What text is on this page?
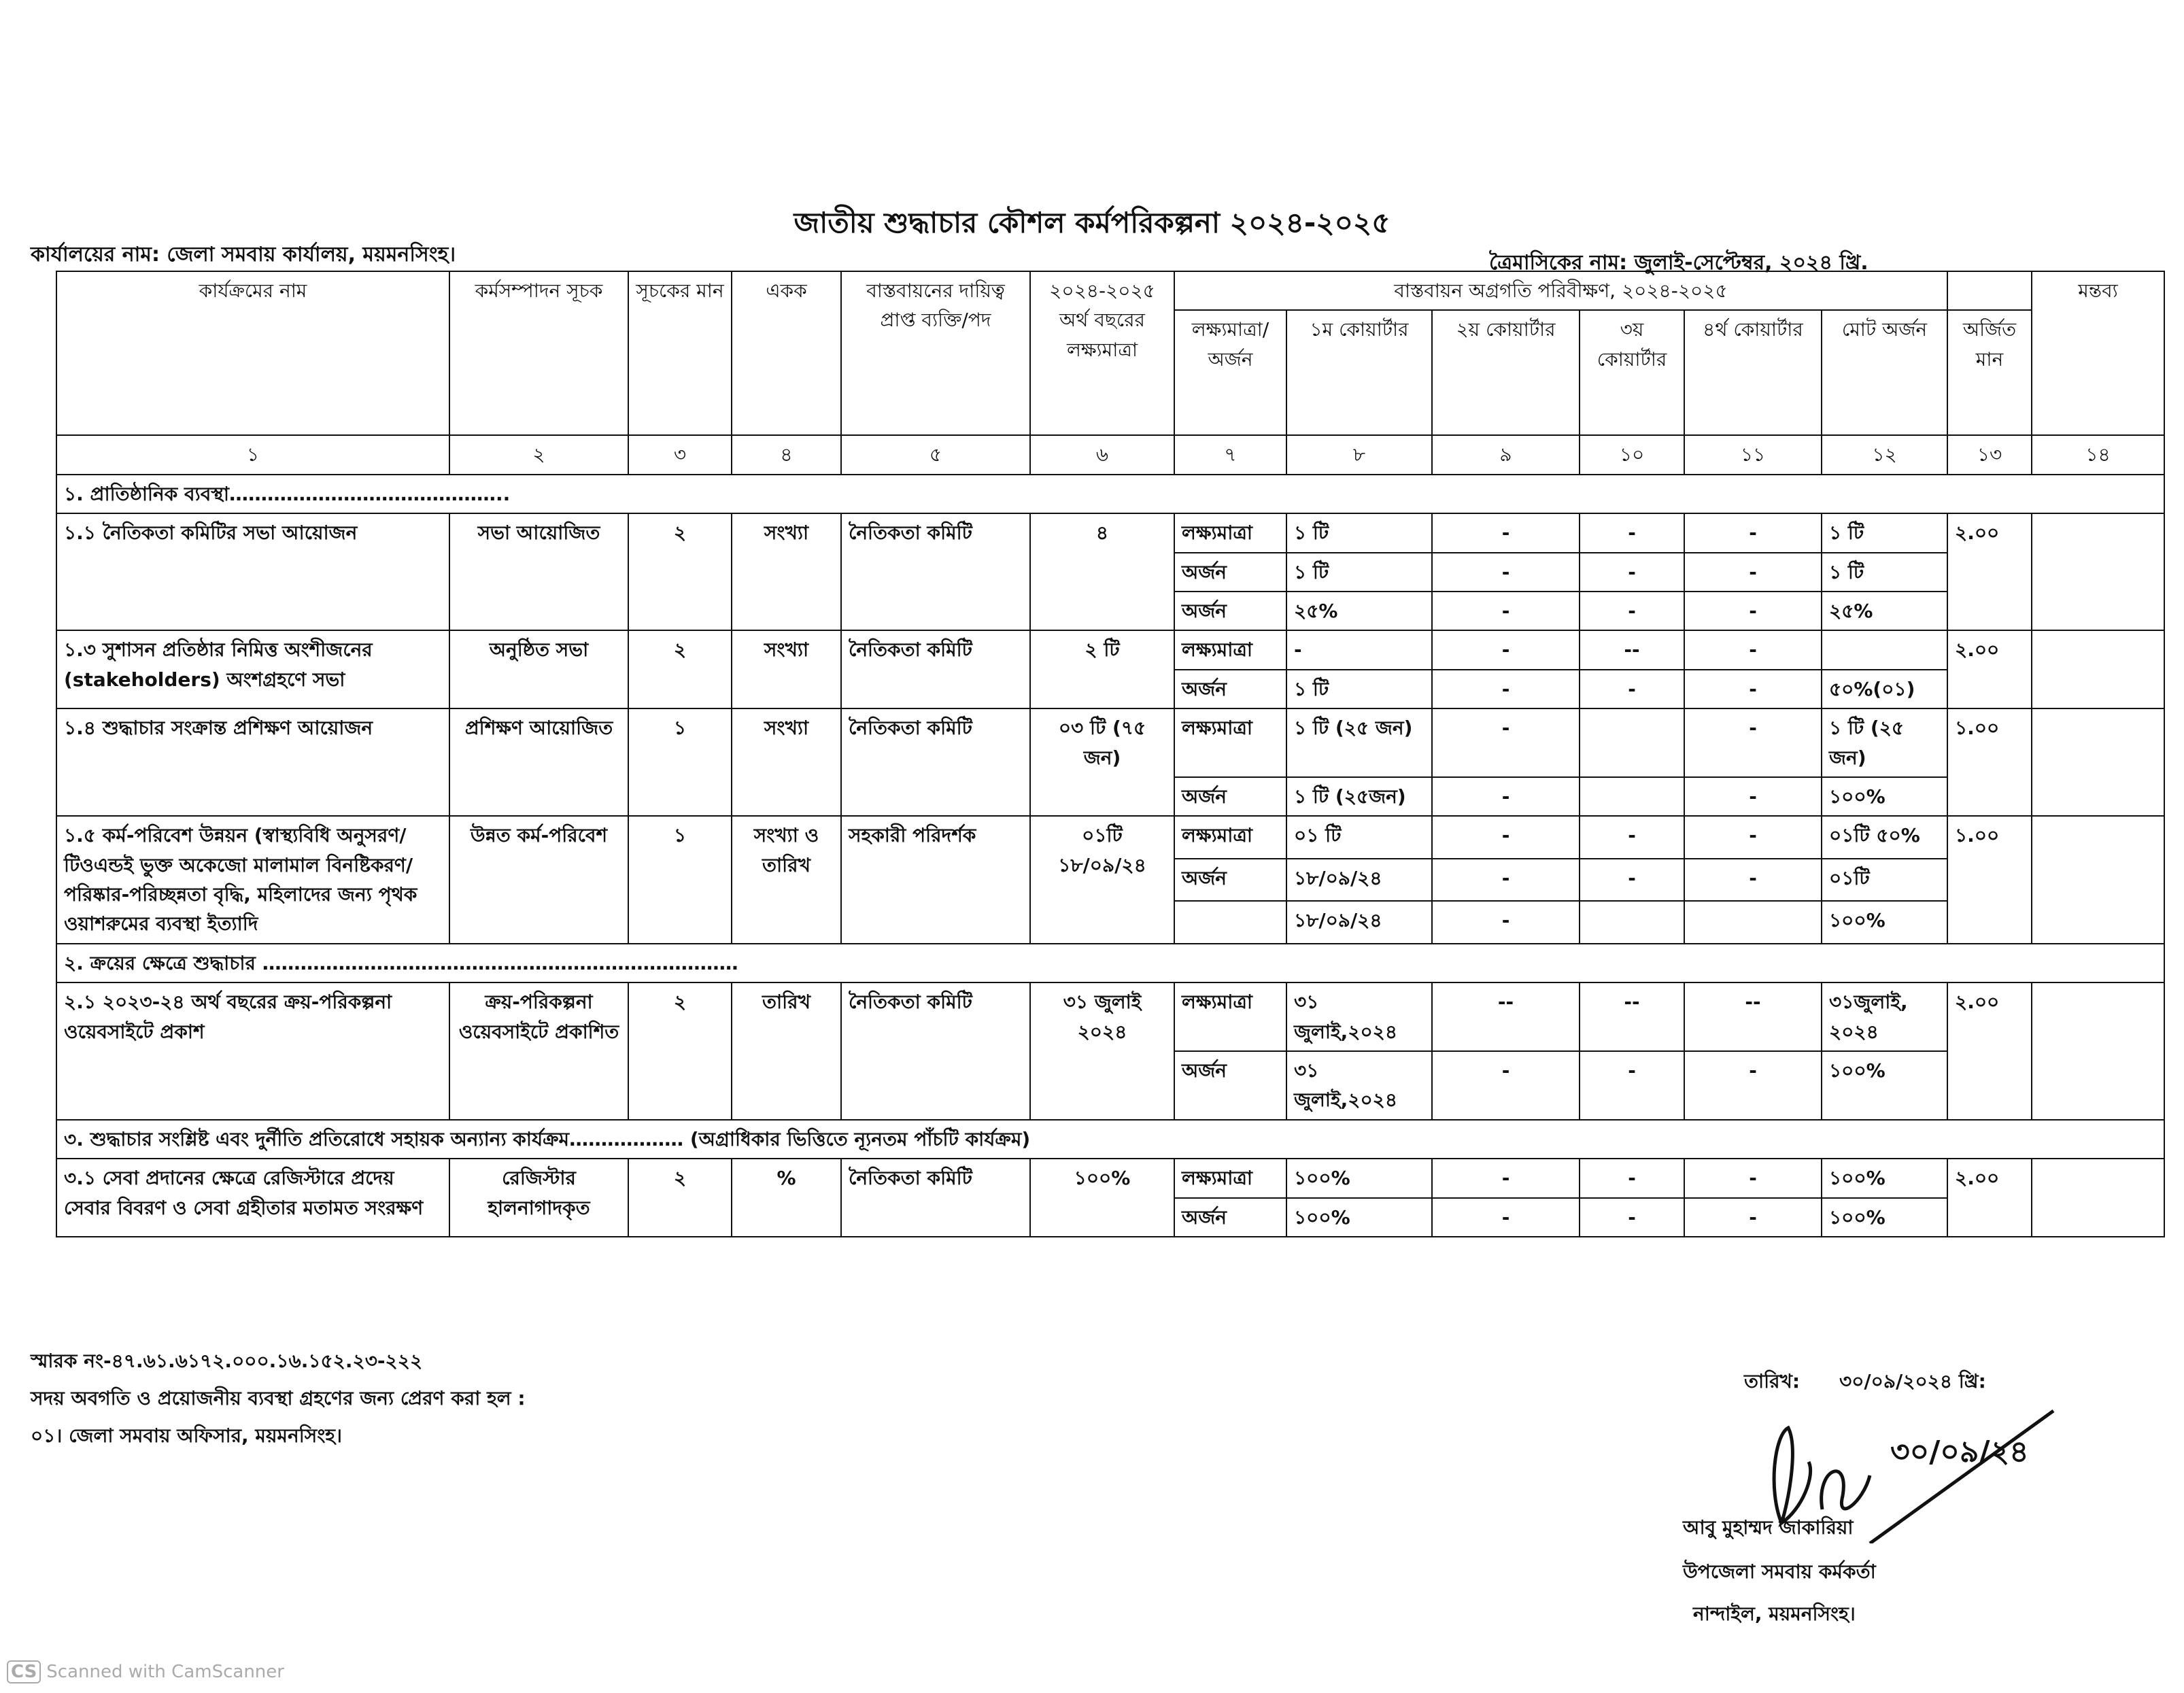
জাতীয় শুদ্ধাচার কৌশল কর্মপরিকল্পনা ২০২৪-২০২৫
কার্যালয়ের নাম: জেলা সমবায় কার্যালয়, ময়মনসিংহ।	ত্রৈমাসিকের নাম: জুলাই-সেপ্টেম্বর, ২০২৪ খ্রি.
কার্যক্রমের নাম	কর্মসম্পাদন সূচক	সূচকের মান	একক	বাস্তবায়নের দায়িত্ব প্রাপ্ত ব্যক্তি/পদ	২০২৪-২০২৫ অর্থ বছরের লক্ষ্যমাত্রা	বাস্তবায়ন অগ্রগতি পরিবীক্ষণ, ২০২৪-২০২৫							মন্তব্য
						লক্ষ্যমাত্রা/অর্জন	১ম কোয়ার্টার	২য় কোয়ার্টার	৩য় কোয়ার্টার	৪র্থ কোয়ার্টার	মোট অর্জন	অর্জিত মান	
১	২	৩	৪	৫	৬	৭	৮	৯	১০	১১	১২	১৩	১৪
১. প্রাতিষ্ঠানিক ব্যবস্থা……………………………………..													
১.১ নৈতিকতা কমিটির সভা আয়োজন	সভা আয়োজিত	২	সংখ্যা	নৈতিকতা কমিটি	৪	লক্ষ্যমাত্রা	১ টি	-	-	-	১ টি	২.০০	
						অর্জন	১ টি	-	-	-	১ টি		
						অর্জন	২৫%	-	-	-	২৫%		
১.৩ সুশাসন প্রতিষ্ঠার নিমিত্ত অংশীজনের (stakeholders) অংশগ্রহণে সভা	অনুষ্ঠিত সভা	২	সংখ্যা	নৈতিকতা কমিটি	২ টি	লক্ষ্যমাত্রা	-	-	--	-		২.০০	
						অর্জন	১ টি	-	-	-	৫০%(০১)		
১.৪ শুদ্ধাচার সংক্রান্ত প্রশিক্ষণ আয়োজন	প্রশিক্ষণ আয়োজিত	১	সংখ্যা	নৈতিকতা কমিটি	০৩ টি (৭৫ জন)	লক্ষ্যমাত্রা	১ টি (২৫ জন)	-		-	১ টি (২৫ জন)	১.০০	
						অর্জন	১ টি (২৫জন)	-		-	১০০%		
১.৫ কর্ম-পরিবেশ উন্নয়ন (স্বাস্থ্যবিধি অনুসরণ/টিওএন্ডই ভুক্ত অকেজো মালামাল বিনষ্টিকরণ/পরিষ্কার-পরিচ্ছন্নতা বৃদ্ধি, মহিলাদের জন্য পৃথক ওয়াশরুমের ব্যবস্থা ইত্যাদি	উন্নত কর্ম-পরিবেশ	১	সংখ্যা ও তারিখ	সহকারী পরিদর্শক	০১টি ১৮/০৯/২৪	লক্ষ্যমাত্রা	০১ টি	-	-	-	০১টি ৫০%	১.০০	
						অর্জন	১৮/০৯/২৪	-	-	-	০১টি		
							১৮/০৯/২৪	-			১০০%		
২. ক্রয়ের ক্ষেত্রে শুদ্ধাচার …………………………………………………………………													
২.১ ২০২৩-২৪ অর্থ বছরের ক্রয়-পরিকল্পনা ওয়েবসাইটে প্রকাশ	ক্রয়-পরিকল্পনা ওয়েবসাইটে প্রকাশিত	২	তারিখ	নৈতিকতা কমিটি	৩১ জুলাই ২০২৪	লক্ষ্যমাত্রা	৩১ জুলাই,২০২৪	--	--	--	৩১জুলাই, ২০২৪	২.০০	
						অর্জন	৩১ জুলাই,২০২৪	-	-	-	১০০%		
৩. শুদ্ধাচার সংশ্লিষ্ট এবং দুর্নীতি প্রতিরোধে সহায়ক অন্যান্য কার্যক্রম……………… (অগ্রাধিকার ভিত্তিতে ন্যূনতম পাঁচটি কার্যক্রম)													
৩.১ সেবা প্রদানের ক্ষেত্রে রেজিস্টারে প্রদেয় সেবার বিবরণ ও সেবা গ্রহীতার মতামত সংরক্ষণ	রেজিস্টার হালনাগাদকৃত	২	%	নৈতিকতা কমিটি	১০০%	লক্ষ্যমাত্রা	১০০%	-	-	-	১০০%	২.০০	
						অর্জন	১০০%	-	-	-	১০০%		
স্মারক নং-৪৭.৬১.৬১৭২.০০০.১৬.১৫২.২৩-২২২
সদয় অবগতি ও প্রয়োজনীয় ব্যবস্থা গ্রহণের জন্য প্রেরণ করা হল :
০১। জেলা সমবায় অফিসার, ময়মনসিংহ।
তারিখ: ৩০/০৯/২০২৪ খ্রি:
৩০/০৯/২৪
আবু মুহাম্মদ জাকারিয়া
উপজেলা সমবায় কর্মকর্তা
নান্দাইল, ময়মনসিংহ।
CS Scanned with CamScanner
